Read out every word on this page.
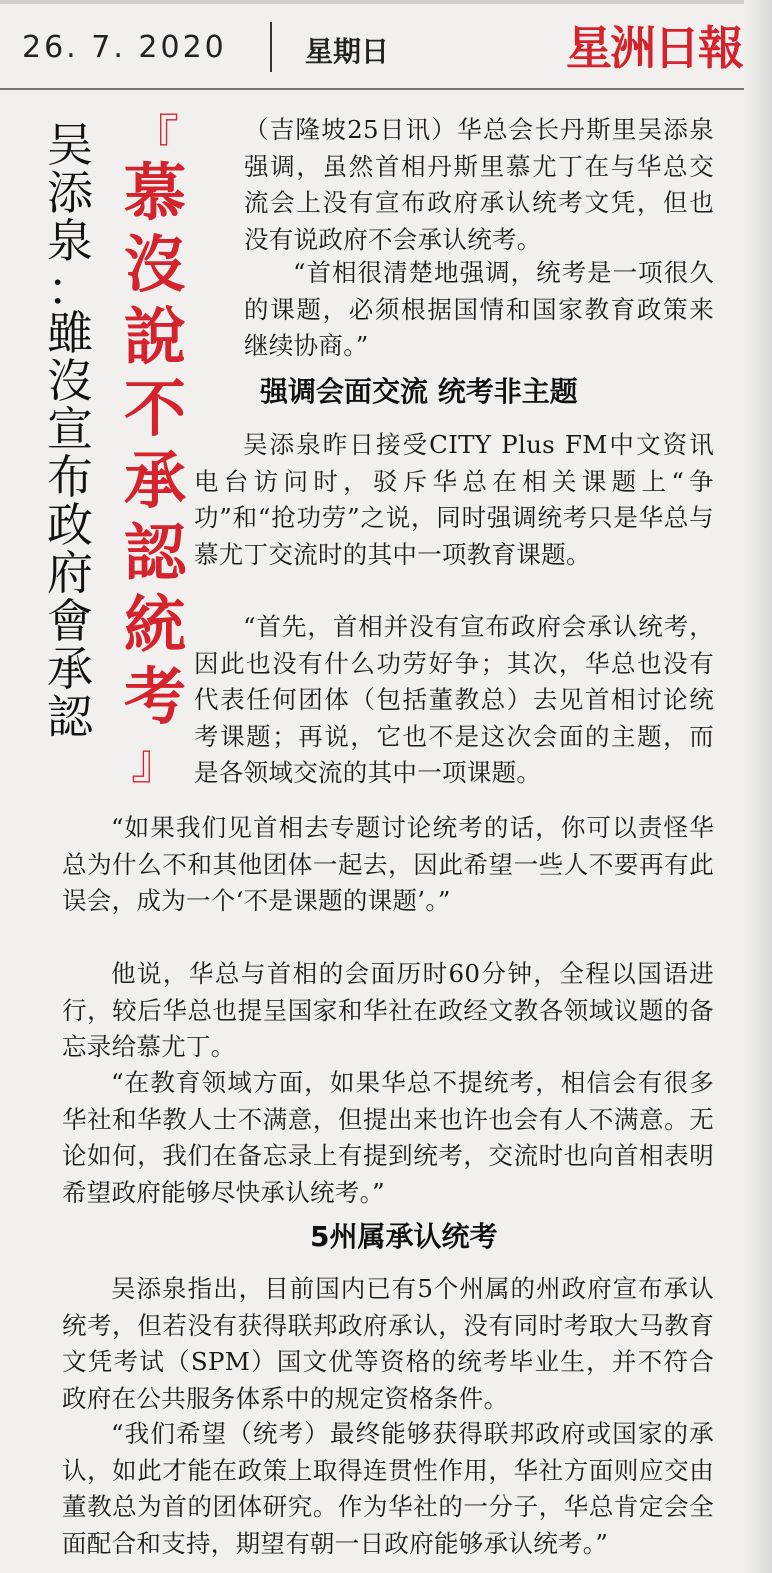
26. 7. 2020	星期日	星洲日報
吴
添
泉
：
雖
沒
宣
布
政
府
會
承
認
『
慕
沒
說
不
承
認
統
考
』

（吉隆坡25日讯）华总会长丹斯里吴添泉强调，虽然首相丹斯里慕尤丁在与华总交流会上没有宣布政府承认统考文凭，但也没有说政府不会承认统考。

“首相很清楚地强调，统考是一项很久的课题，必须根据国情和国家教育政策来继续协商。”

强调会面交流 统考非主题

吴添泉昨日接受CITY Plus FM中文资讯电台访问时，驳斥华总在相关课题上“争功”和“抢功劳”之说，同时强调统考只是华总与慕尤丁交流时的其中一项教育课题。

“首先，首相并没有宣布政府会承认统考，因此也没有什么功劳好争；其次，华总也没有代表任何团体（包括董教总）去见首相讨论统考课题；再说，它也不是这次会面的主题，而是各领域交流的其中一项课题。

“如果我们见首相去专题讨论统考的话，你可以责怪华总为什么不和其他团体一起去，因此希望一些人不要再有此误会，成为一个‘不是课题的课题’。”

他说，华总与首相的会面历时60分钟，全程以国语进行，较后华总也提呈国家和华社在政经文教各领域议题的备忘录给慕尤丁。

“在教育领域方面，如果华总不提统考，相信会有很多华社和华教人士不满意，但提出来也许也会有人不满意。无论如何，我们在备忘录上有提到统考，交流时也向首相表明希望政府能够尽快承认统考。”

5州属承认统考

吴添泉指出，目前国内已有5个州属的州政府宣布承认统考，但若没有获得联邦政府承认，没有同时考取大马教育文凭考试（SPM）国文优等资格的统考毕业生，并不符合政府在公共服务体系中的规定资格条件。

“我们希望（统考）最终能够获得联邦政府或国家的承认，如此才能在政策上取得连贯性作用，华社方面则应交由董教总为首的团体研究。作为华社的一分子，华总肯定会全面配合和支持，期望有朝一日政府能够承认统考。”
